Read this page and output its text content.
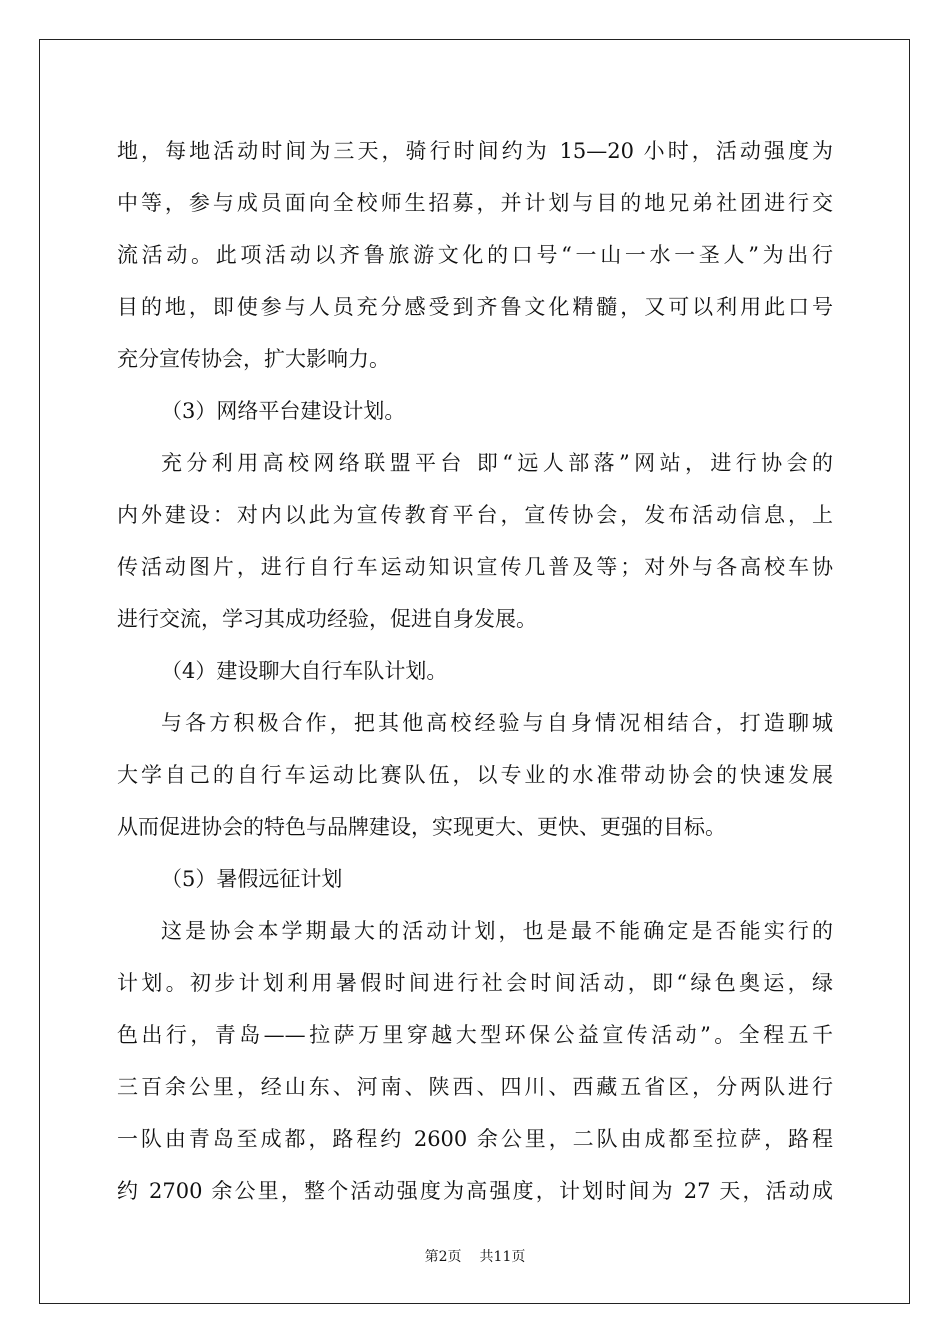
地，每地活动时间为三天，骑行时间约为 15—20 小时，活动强度为
中等，参与成员面向全校师生招募，并计划与目的地兄弟社团进行交
流活动。此项活动以齐鲁旅游文化的口号“一山一水一圣人”为出行
目的地，即使参与人员充分感受到齐鲁文化精髓，又可以利用此口号
充分宣传协会，扩大影响力。
（3）网络平台建设计划。
充分利用高校网络联盟平台 即“远人部落”网站，进行协会的
内外建设：对内以此为宣传教育平台，宣传协会，发布活动信息，上
传活动图片，进行自行车运动知识宣传几普及等；对外与各高校车协
进行交流，学习其成功经验，促进自身发展。
（4）建设聊大自行车队计划。
与各方积极合作，把其他高校经验与自身情况相结合，打造聊城
大学自己的自行车运动比赛队伍，以专业的水准带动协会的快速发展
从而促进协会的特色与品牌建设，实现更大、更快、更强的目标。
（5）暑假远征计划
这是协会本学期最大的活动计划，也是最不能确定是否能实行的
计划。初步计划利用暑假时间进行社会时间活动，即“绿色奥运，绿
色出行，青岛——拉萨万里穿越大型环保公益宣传活动”。全程五千
三百余公里，经山东、河南、陕西、四川、西藏五省区，分两队进行
一队由青岛至成都，路程约 2600 余公里，二队由成都至拉萨，路程
约 2700 余公里，整个活动强度为高强度，计划时间为 27 天，活动成
第2页 共11页
